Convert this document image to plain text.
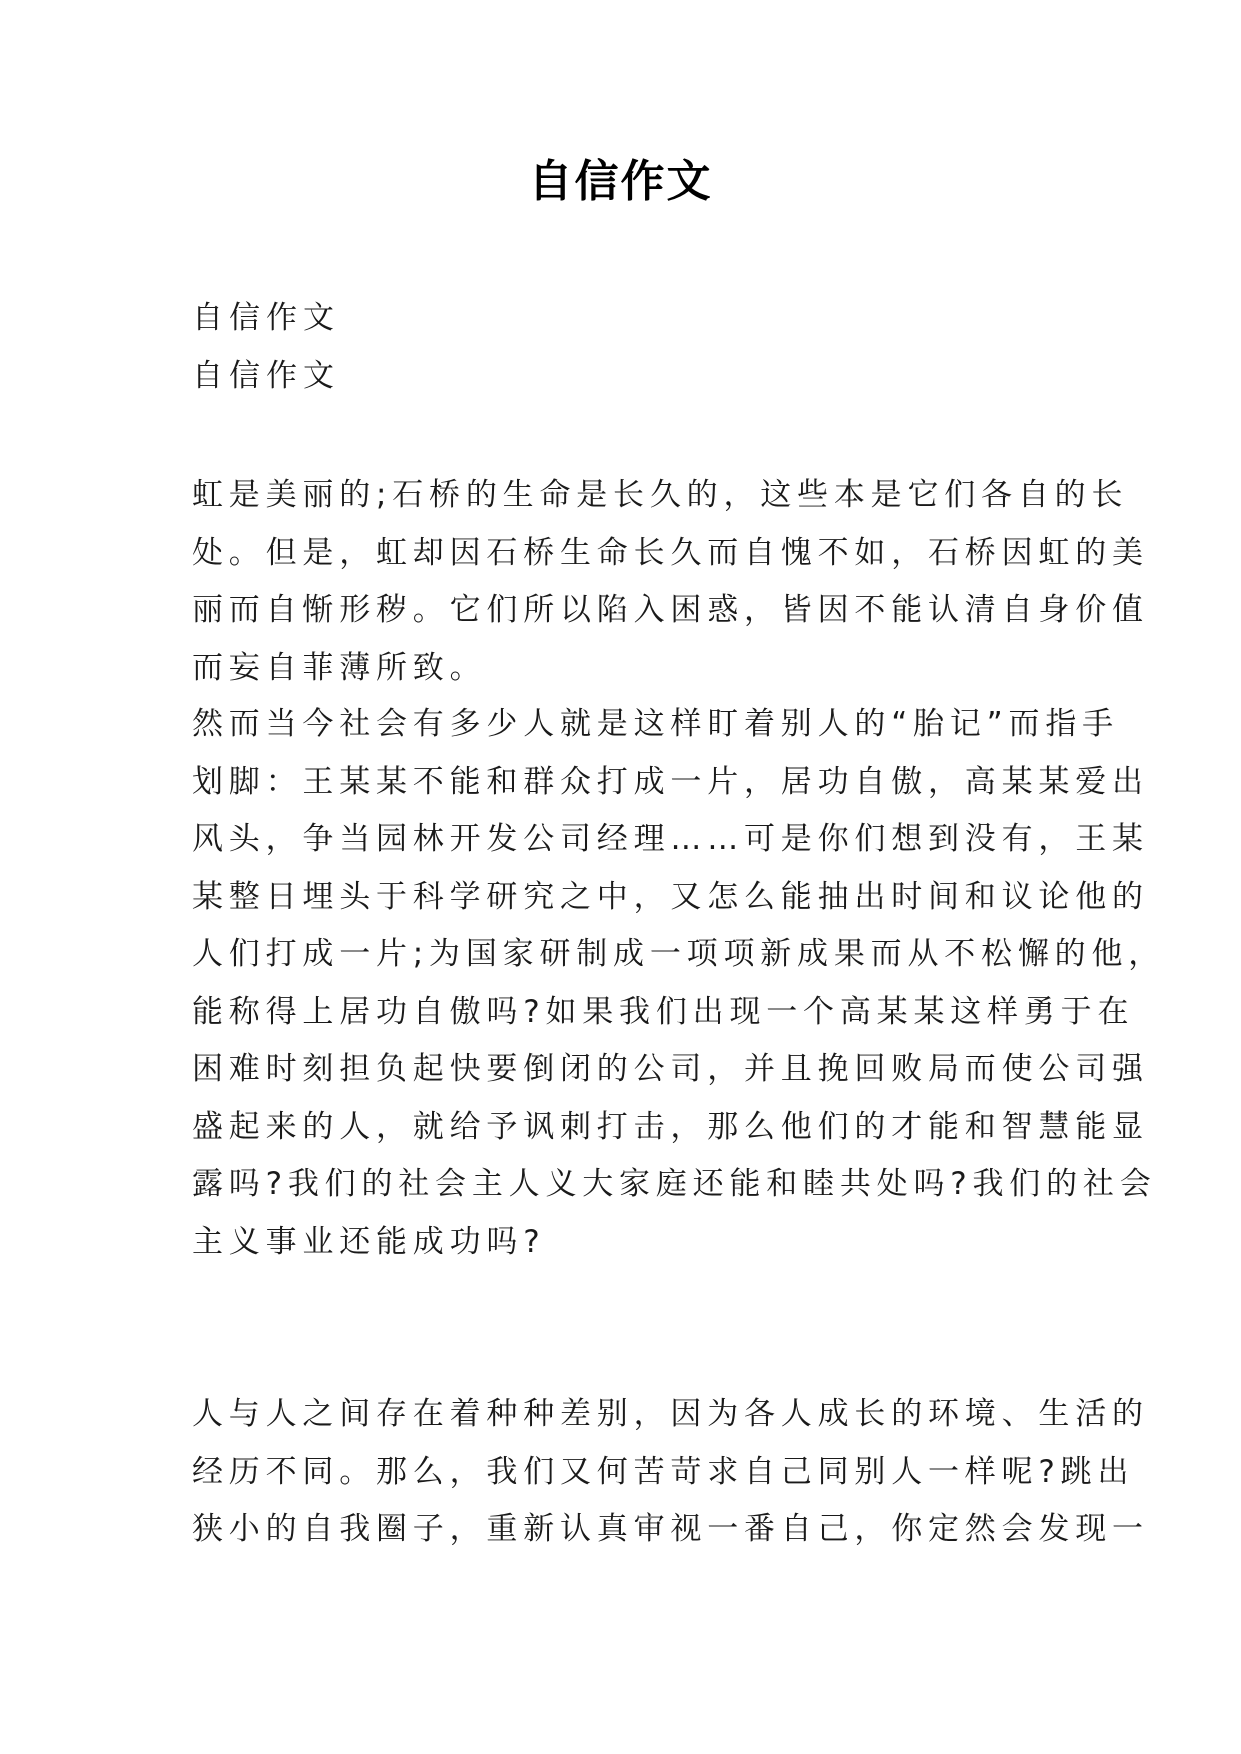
自信作文
自信作文
自信作文
虹是美丽的;石桥的生命是长久的，这些本是它们各自的长
处。但是，虹却因石桥生命长久而自愧不如，石桥因虹的美
丽而自惭形秽。它们所以陷入困惑，皆因不能认清自身价值
而妄自菲薄所致。
然而当今社会有多少人就是这样盯着别人的“胎记”而指手
划脚：王某某不能和群众打成一片，居功自傲，高某某爱出
风头，争当园林开发公司经理……可是你们想到没有，王某
某整日埋头于科学研究之中，又怎么能抽出时间和议论他的
人们打成一片;为国家研制成一项项新成果而从不松懈的他，
能称得上居功自傲吗?如果我们出现一个高某某这样勇于在
困难时刻担负起快要倒闭的公司，并且挽回败局而使公司强
盛起来的人，就给予讽刺打击，那么他们的才能和智慧能显
露吗?我们的社会主人义大家庭还能和睦共处吗?我们的社会
主义事业还能成功吗?
人与人之间存在着种种差别，因为各人成长的环境、生活的
经历不同。那么，我们又何苦苛求自己同别人一样呢?跳出
狭小的自我圈子，重新认真审视一番自己，你定然会发现一
